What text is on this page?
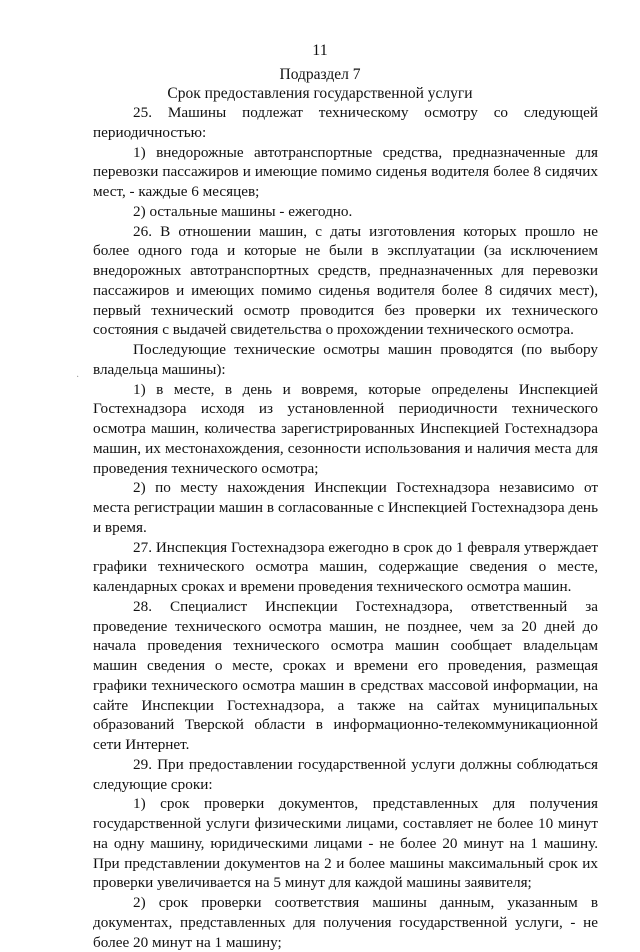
11
Подраздел 7
Срок предоставления государственной услуги
·

25. Машины подлежат техническому осмотру со следующей периодичностью:

1) внедорожные автотранспортные средства, предназначенные для перевозки пассажиров и имеющие помимо сиденья водителя более 8 сидячих мест, - каждые 6 месяцев;

2) остальные машины - ежегодно.

26. В отношении машин, с даты изготовления которых прошло не более одного года и которые не были в эксплуатации (за исключением внедорожных автотранспортных средств, предназначенных для перевозки пассажиров и имеющих помимо сиденья водителя более 8 сидячих мест), первый технический осмотр проводится без проверки их технического состояния с выдачей свидетельства о прохождении технического осмотра.

Последующие технические осмотры машин проводятся (по выбору владельца машины):

1) в месте, в день и вовремя, которые определены Инспекцией Гостехнадзора исходя из установленной периодичности технического осмотра машин, количества зарегистрированных Инспекцией Гостехнадзора машин, их местонахождения, сезонности использования и наличия места для проведения технического осмотра;

2) по месту нахождения Инспекции Гостехнадзора независимо от места регистрации машин в согласованные с Инспекцией Гостехнадзора день и время.

27. Инспекция Гостехнадзора ежегодно в срок до 1 февраля утверждает графики технического осмотра машин, содержащие сведения о месте, календарных сроках и времени проведения технического осмотра машин.

28. Специалист Инспекции Гостехнадзора, ответственный за проведение технического осмотра машин, не позднее, чем за 20 дней до начала проведения технического осмотра машин сообщает владельцам машин сведения о месте, сроках и времени его проведения, размещая графики технического осмотра машин в средствах массовой информации, на сайте Инспекции Гостехнадзора, а также на сайтах муниципальных образований Тверской области в информационно-телекоммуникационной сети Интернет.

29. При предоставлении государственной услуги должны соблюдаться следующие сроки:

1) срок проверки документов, представленных для получения государственной услуги физическими лицами, составляет не более 10 минут на одну машину, юридическими лицами - не более 20 минут на 1 машину. При представлении документов на 2 и более машины максимальный срок их проверки увеличивается на 5 минут для каждой машины заявителя;

2) срок проверки соответствия машины данным, указанным в документах, представленных для получения государственной услуги, - не более 20 минут на 1 машину;
